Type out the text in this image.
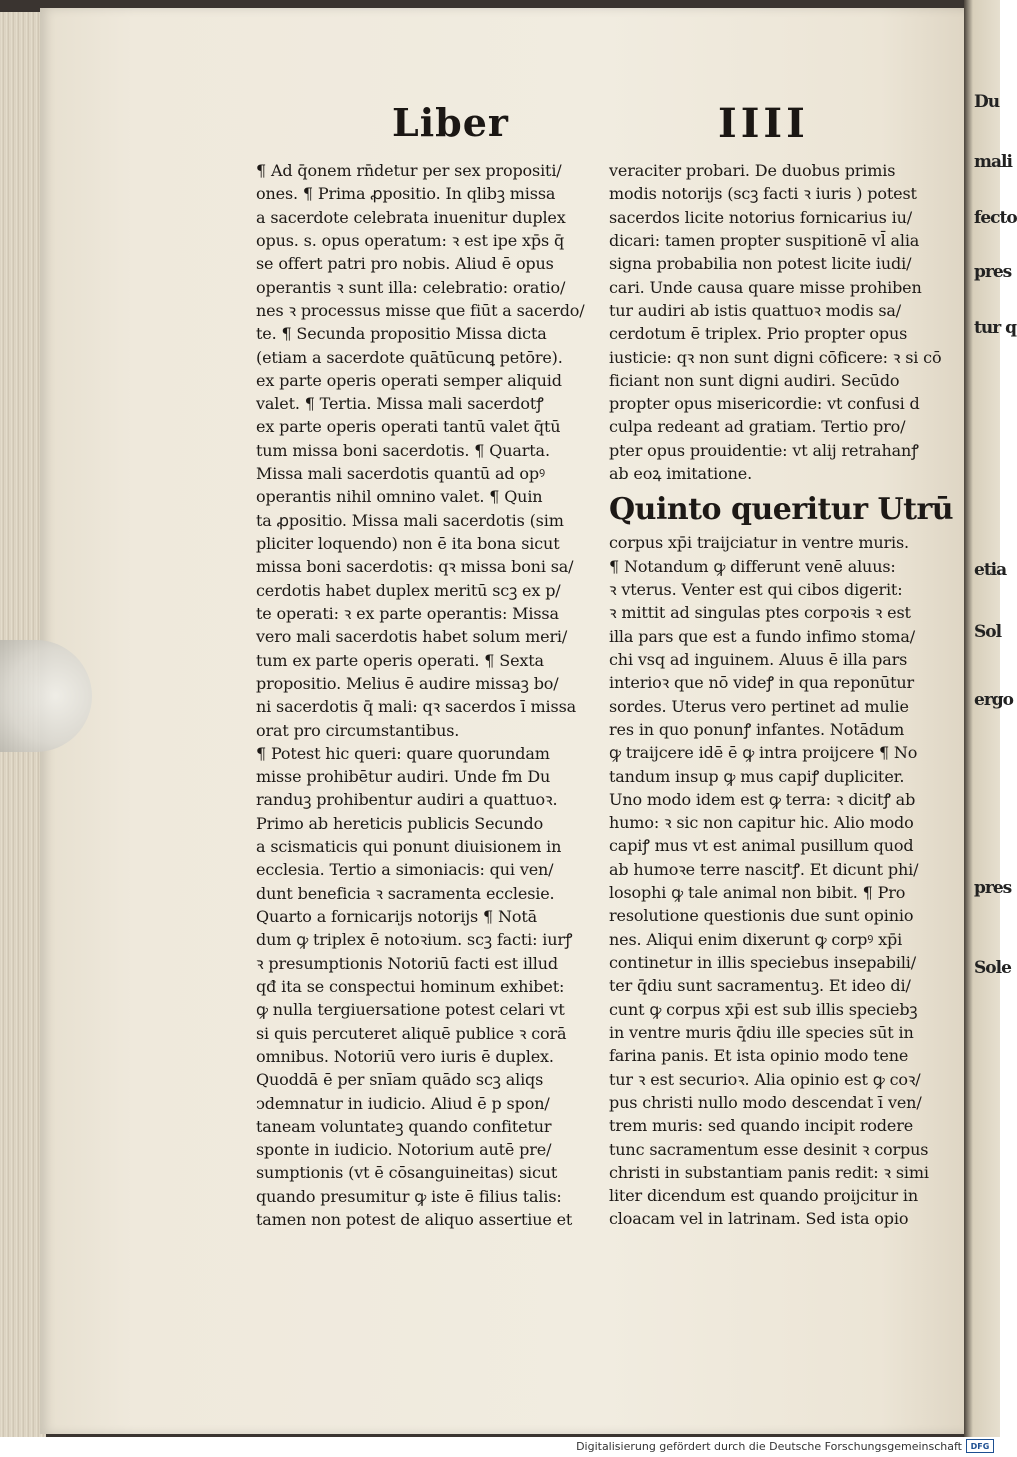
Du
mali
fecto
pres
tur q
etia
Sol
ergo
pres
Sole
Liber	IIII
¶ Ad q̄onem rn̄detur per sex propositi/
ones. ¶ Prima ꝓpositio. In qlibꝫ missa
a sacerdote celebrata inuenitur duplex
opus. s. opus operatum: ꝛ est ipe xp̄s q̄
se offert patri pro nobis. Aliud ē opus
operantis ꝛ sunt illa: celebratio: oratio/
nes ꝛ processus misse que fiūt a sacerdo/
te. ¶ Secunda propositio Missa dicta
(etiam a sacerdote quātūcunꝗ petōre).
ex parte operis operati semper aliquid
valet. ¶ Tertia. Missa mali sacerdotꝭ
ex parte operis operati tantū valet q̄tū
tum missa boni sacerdotis. ¶ Quarta.
Missa mali sacerdotis quantū ad opꝰ
operantis nihil omnino valet. ¶ Quin
ta ꝓpositio. Missa mali sacerdotis (sim
pliciter loquendo) non ē ita bona sicut
missa boni sacerdotis: qꝛ missa boni sa/
cerdotis habet duplex meritū scꝫ ex p/
te operati: ꝛ ex parte operantis: Missa
vero mali sacerdotis habet solum meri/
tum ex parte operis operati. ¶ Sexta
propositio. Melius ē audire missaꝫ bo/
ni sacerdotis q̄ mali: qꝛ sacerdos ī missa
orat pro circumstantibus.
¶ Potest hic queri: quare quorundam
misse prohibētur audiri. Unde fm Du
randuꝫ prohibentur audiri a quattuoꝛ.
Primo ab hereticis publicis Secundo
a scismaticis qui ponunt diuisionem in
ecclesia. Tertio a simoniacis: qui ven/
dunt beneficia ꝛ sacramenta ecclesie.
Quarto a fornicarijs notorijs ¶ Notā
dum ꝙ triplex ē notoꝛium. scꝫ facti: iurꝭ
ꝛ presumptionis Notoriū facti est illud
qđ ita se conspectui hominum exhibet:
ꝙ nulla tergiuersatione potest celari vt
si quis percuteret aliquē publice ꝛ corā
omnibus. Notoriū vero iuris ē duplex.
Quoddā ē per snīam quādo scꝫ aliqs
ↄdemnatur in iudicio. Aliud ē p spon/
taneam voluntateꝫ quando confitetur
sponte in iudicio. Notorium autē pre/
sumptionis (vt ē cōsanguineitas) sicut
quando presumitur ꝙ iste ē filius talis:
tamen non potest de aliquo assertiue et
veraciter probari. De duobus primis
modis notorijs (scꝫ facti ꝛ iuris ) potest
sacerdos licite notorius fornicarius iu/
dicari: tamen propter suspitionē vl̄ alia
signa probabilia non potest licite iudi/
cari. Unde causa quare misse prohiben
tur audiri ab istis quattuoꝛ modis sa/
cerdotum ē triplex. Prio propter opus
iusticie: qꝛ non sunt digni cōficere: ꝛ si cō
ficiant non sunt digni audiri. Secūdo
propter opus misericordie: vt confusi d
culpa redeant ad gratiam. Tertio pro/
pter opus prouidentie: vt alij retrahanꝭ
ab eoꝝ imitatione.
Quinto queritur Utrū
corpus xp̄i traijciatur in ventre muris.
¶ Notandum ꝙ differunt venē aluus:
ꝛ vterus. Venter est qui cibos digerit:
ꝛ mittit ad singulas ptes corpoꝛis ꝛ est
illa pars que est a fundo infimo stoma/
chi vsq ad inguinem. Aluus ē illa pars
interioꝛ que nō videꝭ in qua reponūtur
sordes. Uterus vero pertinet ad mulie
res in quo ponunꝭ infantes. Notādum
ꝙ traijcere idē ē ꝙ intra proijcere ¶ No
tandum insup ꝙ mus capiꝭ dupliciter.
Uno modo idem est ꝙ terra: ꝛ dicitꝭ ab
humo: ꝛ sic non capitur hic. Alio modo
capiꝭ mus vt est animal pusillum quod
ab humoꝛe terre nascitꝭ. Et dicunt phi/
losophi ꝙ tale animal non bibit. ¶ Pro
resolutione questionis due sunt opinio
nes. Aliqui enim dixerunt ꝙ corpꝰ xp̄i
continetur in illis speciebus insepabili/
ter q̄diu sunt sacramentuꝫ. Et ideo di/
cunt ꝙ corpus xp̄i est sub illis speciebꝫ
in ventre muris q̄diu ille species sūt in
farina panis. Et ista opinio modo tene
tur ꝛ est securioꝛ. Alia opinio est ꝙ coꝛ/
pus christi nullo modo descendat ī ven/
trem muris: sed quando incipit rodere
tunc sacramentum esse desinit ꝛ corpus
christi in substantiam panis redit: ꝛ simi
liter dicendum est quando proijcitur in
cloacam vel in latrinam. Sed ista opio
Digitalisierung gefördert durch die Deutsche Forschungsgemeinschaft	DFG
